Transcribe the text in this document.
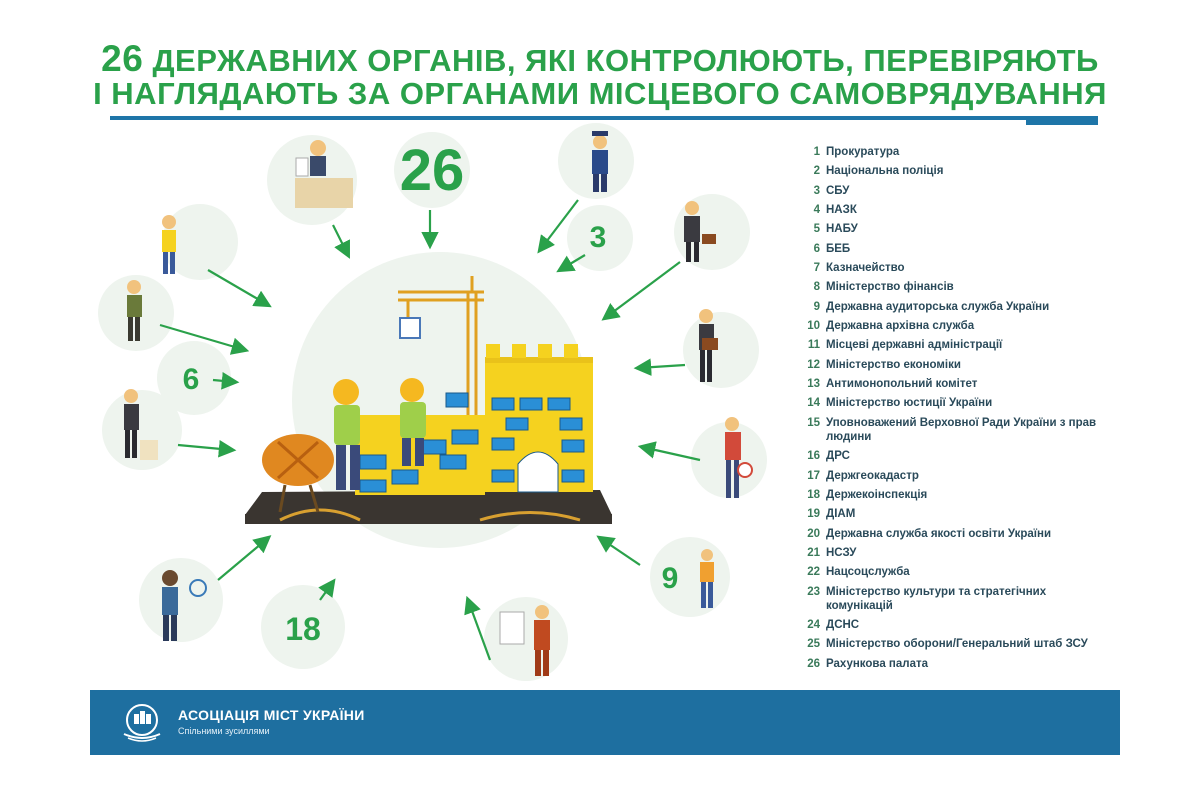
26 ДЕРЖАВНИХ ОРГАНІВ, ЯКІ КОНТРОЛЮЮТЬ, ПЕРЕВІРЯЮТЬ
І НАГЛЯДАЮТЬ ЗА ОРГАНАМИ МІСЦЕВОГО САМОВРЯДУВАННЯ
26
3
6
9
18
1 Прокуратура
2 Національна поліція
3 СБУ
4 НАЗК
5 НАБУ
6 БЕБ
7 Казначейство
8 Міністерство фінансів
9 Державна аудиторська служба України
10 Державна архівна служба
11 Місцеві державні адміністрації
12 Міністерство економіки
13 Антимонопольний комітет
14 Міністерство юстиції України
15 Уповноважений Верховної Ради України з прав людини
16 ДРС
17 Держгеокадастр
18 Держекоінспекція
19 ДІАМ
20 Державна служба якості освіти України
21 НСЗУ
22 Нацсоцслужба
23 Міністерство культури та стратегічних комунікацій
24 ДСНС
25 Міністерство оборони/Генеральний штаб ЗСУ
26 Рахункова палата
АСОЦІАЦІЯ МІСТ УКРАЇНИ
Спільними зусиллями
